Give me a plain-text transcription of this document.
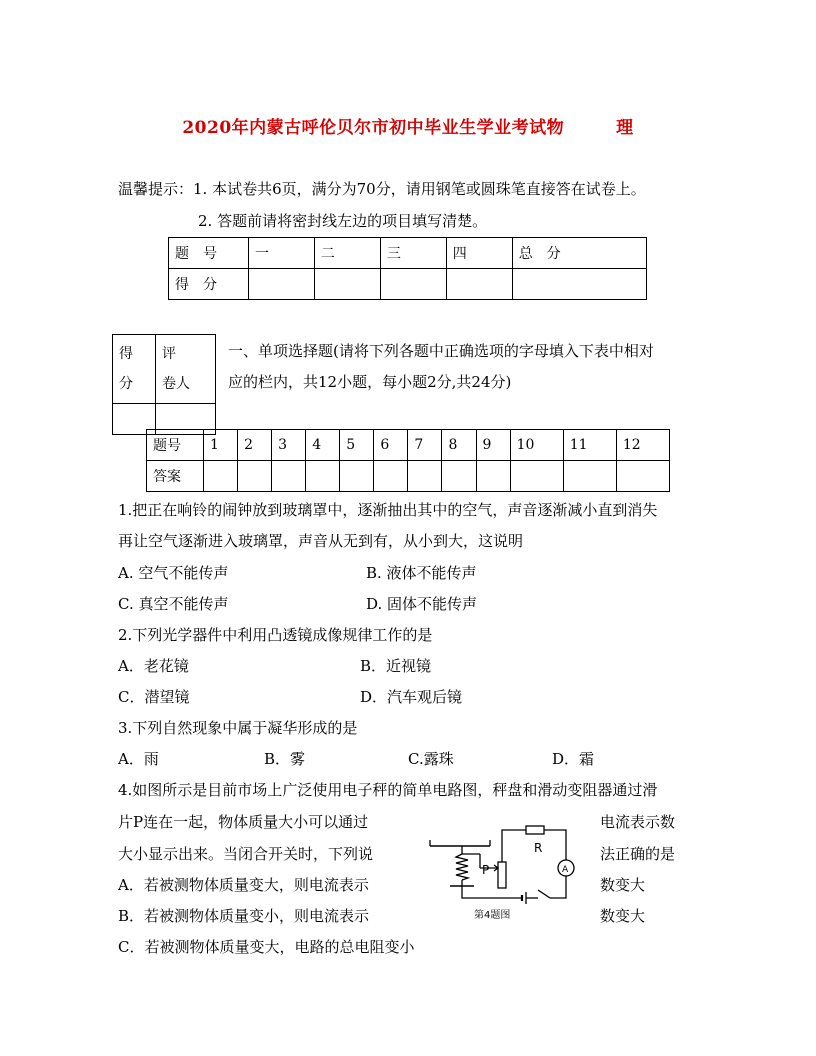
2020年内蒙古呼伦贝尔市初中毕业生学业考试物	理
温馨提示：1. 本试卷共6页，满分为70分，请用钢笔或圆珠笔直接答在试卷上。
2. 答题前请将密封线左边的项目填写清楚。
题　号	一	二	三	四	总　分
得　分					
得分	评　卷人

一、单项选择题(请将下列各题中正确选项的字母填入下表中相对
应的栏内，共12小题，每小题2分,共24分)
题号	1	2	3	4	5	6	7	8	9	10	11	12
答案												
1.把正在响铃的闹钟放到玻璃罩中，逐渐抽出其中的空气，声音逐渐减小直到消失
再让空气逐渐进入玻璃罩，声音从无到有，从小到大，这说明
A. 空气不能传声	B. 液体不能传声
C. 真空不能传声	D. 固体不能传声
2.下列光学器件中利用凸透镜成像规律工作的是
A．老花镜	B．近视镜
C．潜望镜	D．汽车观后镜
3.下列自然现象中属于凝华形成的是
A．雨	B．雾	C.露珠	D．霜
4.如图所示是目前市场上广泛使用电子秤的简单电路图，秤盘和滑动变阻器通过滑
片P连在一起，物体质量大小可以通过	电流表示数
大小显示出来。当闭合开关时，下列说	法正确的是
A．若被测物体质量变大，则电流表示	数变大
B．若被测物体质量变小，则电流表示	数变大
C．若被测物体质量变大，电路的总电阻变小
R
P	A
第4题图
